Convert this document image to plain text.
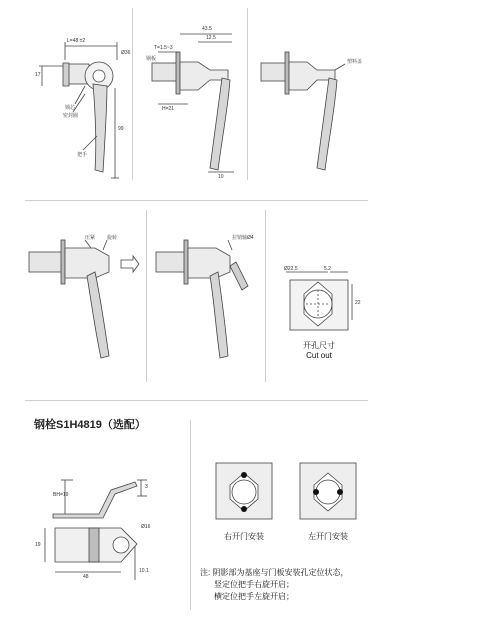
L=48 ±2
Ø36
17
99
锁芯
密封圈
把手
43.5
12.5
T=1.5~3
H=21
10
钢板	塑料盖
压紧 旋转	拉销轴Ø4
Ø22.5	5.2
22
开孔尺寸
Cut out
钢栓S1H4819（选配）
3
BH=19
Ø16
19
48
10.1
右开门安装	左开门安装
注: 阴影部为基座与门板安装孔定位状态，
竖定位把手右旋开启；
横定位把手左旋开启；
